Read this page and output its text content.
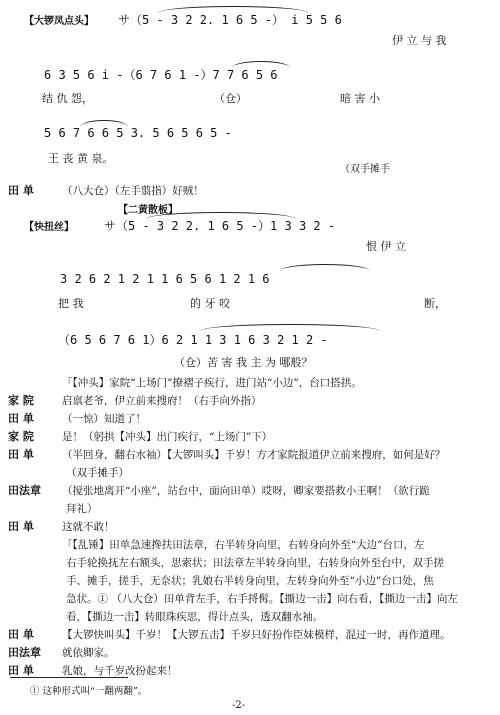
【大锣凤点头】 サ（5 - 3 2 2. 1 6 5 -） i 5 5 6
伊 立 与 我
6 3 5 6 i -（6 7 6 1 -）7 7 6 5 6
结 仇 怨，	（仓）	暗 害 小
5 6 7 6 6 5 3. 5 6 5 6 5 -
王 丧 黄 泉。
（双手摊手
田 单	（八大仓）（左手翦指）好贼！
【二黄散板】
【快扭丝】	サ（5 - 3 2 2. 1 6 5 -）1 3 3 2 -
恨 伊 立
3 2 6 2 1 2 1 1 6 5 6 1 2 1 6
把 我	的 牙 咬	断，
（6 5 6 7 6 1）6 2 1 1 3 1 6 3 2 1 2 -
（仓）苦 害 我 主 为 哪般？
「【冲头】家院“上场门”撩褶子疾行，进门站“小边”，台口搭拱。
家 院	启禀老爷，伊立前来搜府！（右手向外指）
田 单	（一惊）知道了！
家 院	是！（躬拱【冲头】出门疾行，“上场门”下）
田 单	（半回身，翻右水袖）【大锣叫头】千岁！方才家院报道伊立前来搜府，如何是好？
（双手摊手）
田法章 （搅张地离开“小座”，站台中，面向田单）哎呀，卿家要搭救小王啊！（欲行跪
拜礼）
田 单	这就不敢！
「【乱锤】田单急速搀扶田法章，右半转身向里，右转身向外至“大边”台口，左
右手轮换抚左右额头，思索状；田法章左半转身向里，右转身向外至台中，双手搓
手、摊手，搓手，无奈状；乳娘右半转身向里，左转身向外至“小边”台口处，焦
急状。① （八大仓）田单背左手，右手捋髯。【撕边一击】向右看，【撕边一击】向左
看，【撕边一击】转眼珠疾思，得计点头，透双翻水袖。
田 单	【大锣快叫头】千岁！【大锣五击】千岁只好扮作臣妹模样，混过一时，再作道理。
田法章 就依卿家。
田 单	乳娘，与千岁改扮起来！
① 这种形式叫“一翻两翻”。
-2-
